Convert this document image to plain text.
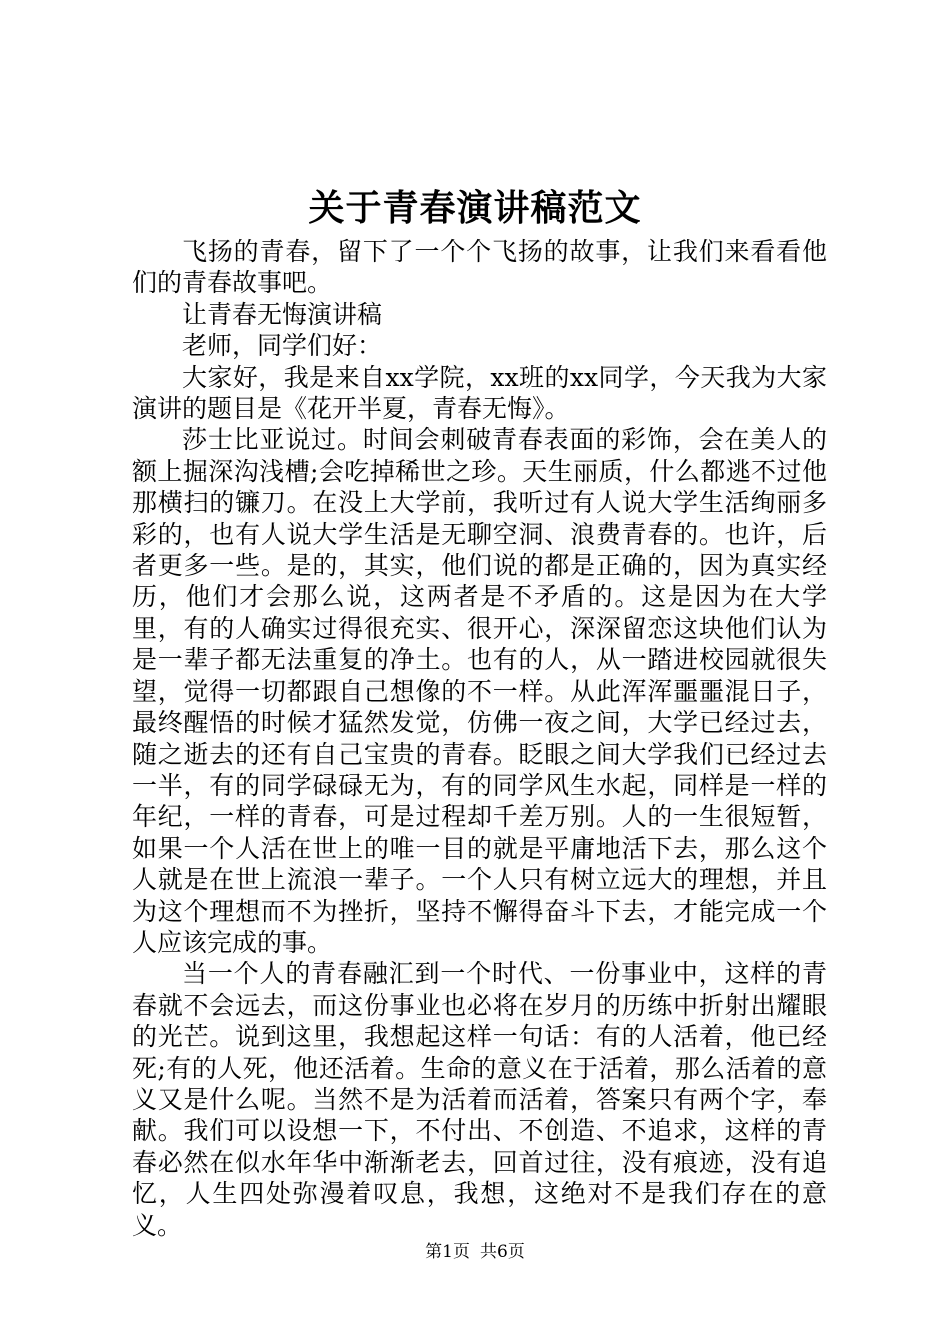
关于青春演讲稿范文

飞扬的青春，留下了一个个飞扬的故事，让我们来看看他们的青春故事吧。

让青春无悔演讲稿

老师，同学们好：

大家好，我是来自xx学院，xx班的xx同学，今天我为大家演讲的题目是《花开半夏，青春无悔》。

莎士比亚说过。时间会刺破青春表面的彩饰，会在美人的额上掘深沟浅槽;会吃掉稀世之珍。天生丽质，什么都逃不过他那横扫的镰刀。在没上大学前，我听过有人说大学生活绚丽多彩的，也有人说大学生活是无聊空洞、浪费青春的。也许，后者更多一些。是的，其实，他们说的都是正确的，因为真实经历，他们才会那么说，这两者是不矛盾的。这是因为在大学里，有的人确实过得很充实、很开心，深深留恋这块他们认为是一辈子都无法重复的净土。也有的人，从一踏进校园就很失望，觉得一切都跟自己想像的不一样。从此浑浑噩噩混日子，最终醒悟的时候才猛然发觉，仿佛一夜之间，大学已经过去，随之逝去的还有自己宝贵的青春。眨眼之间大学我们已经过去一半，有的同学碌碌无为，有的同学风生水起，同样是一样的年纪，一样的青春，可是过程却千差万别。人的一生很短暂，如果一个人活在世上的唯一目的就是平庸地活下去，那么这个人就是在世上流浪一辈子。一个人只有树立远大的理想，并且为这个理想而不为挫折，坚持不懈得奋斗下去，才能完成一个人应该完成的事。

当一个人的青春融汇到一个时代、一份事业中，这样的青春就不会远去，而这份事业也必将在岁月的历练中折射出耀眼的光芒。说到这里，我想起这样一句话：有的人活着，他已经死;有的人死，他还活着。生命的意义在于活着，那么活着的意义又是什么呢。当然不是为活着而活着，答案只有两个字，奉献。我们可以设想一下，不付出、不创造、不追求，这样的青春必然在似水年华中渐渐老去，回首过往，没有痕迹，没有追忆，人生四处弥漫着叹息，我想，这绝对不是我们存在的意义。

第1页 共6页
